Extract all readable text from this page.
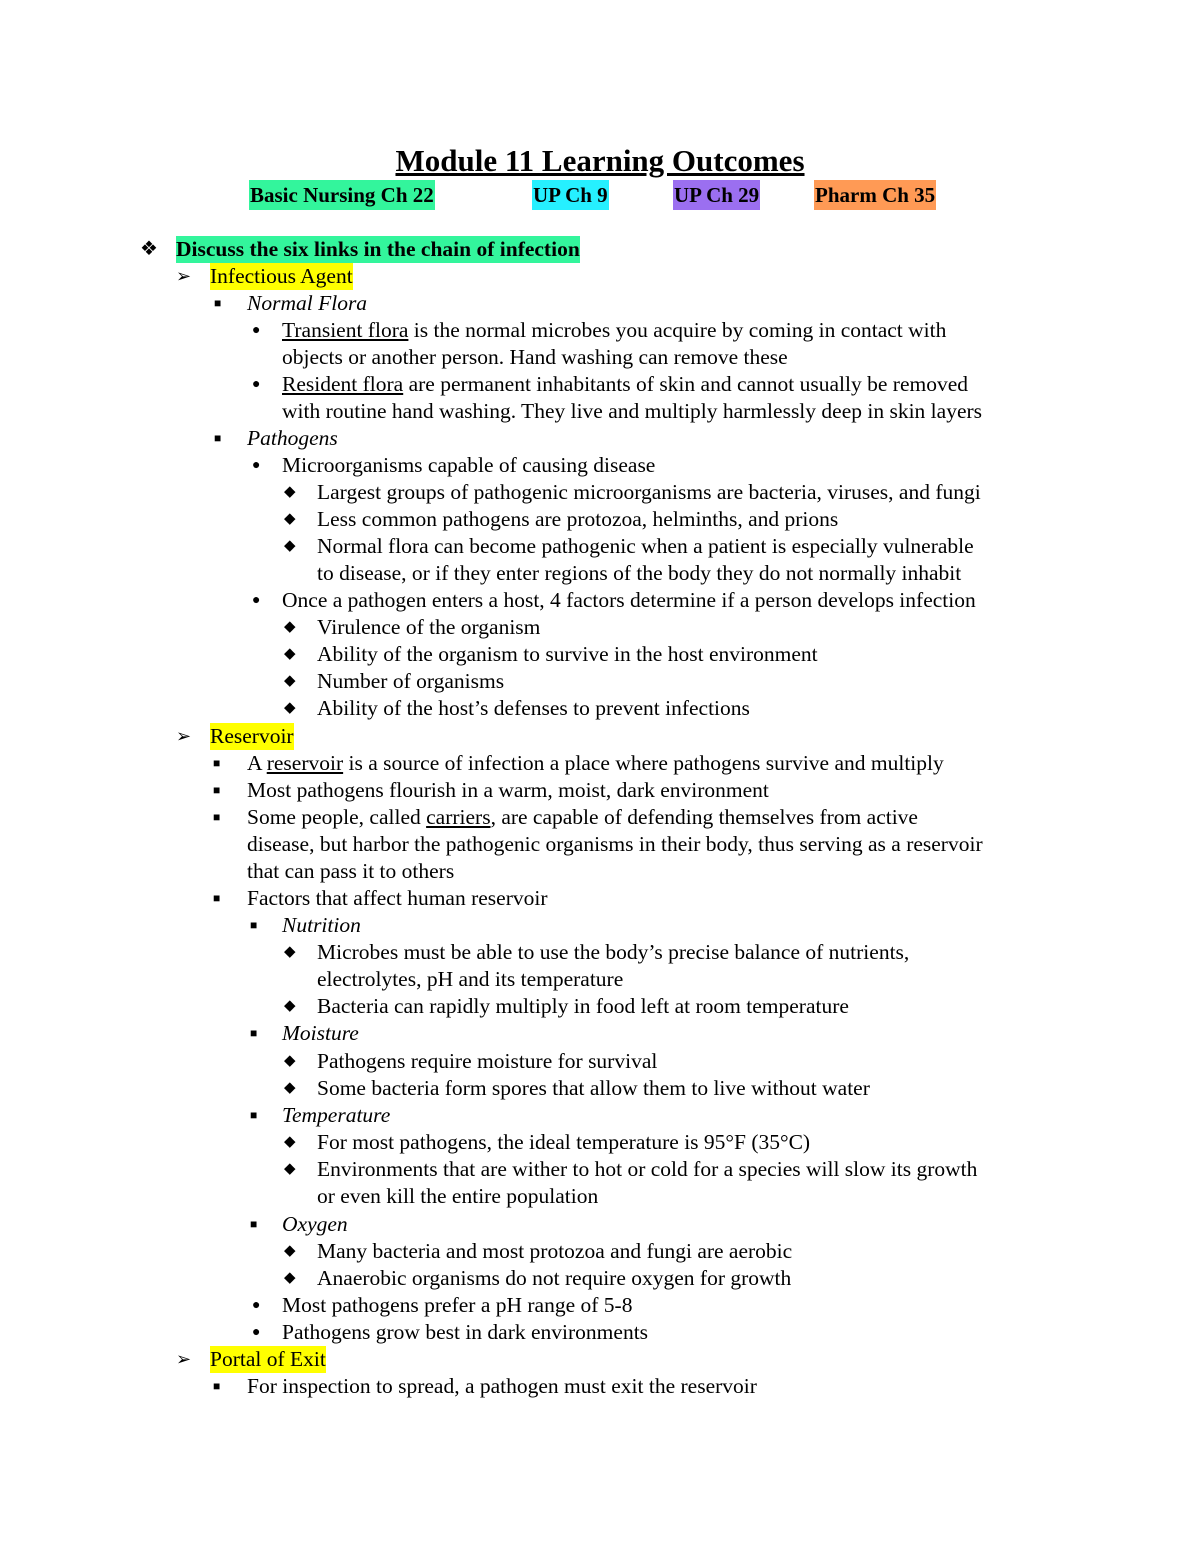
Module 11 Learning Outcomes
Basic Nursing Ch 22	UP Ch 9	UP Ch 29	Pharm Ch 35
❖ Discuss the six links in the chain of infection
➢ Infectious Agent
■ Normal Flora
● Transient flora is the normal microbes you acquire by coming in contact with
objects or another person. Hand washing can remove these
● Resident flora are permanent inhabitants of skin and cannot usually be removed
with routine hand washing. They live and multiply harmlessly deep in skin layers
■ Pathogens
● Microorganisms capable of causing disease
◆ Largest groups of pathogenic microorganisms are bacteria, viruses, and fungi
◆ Less common pathogens are protozoa, helminths, and prions
◆ Normal flora can become pathogenic when a patient is especially vulnerable
to disease, or if they enter regions of the body they do not normally inhabit
● Once a pathogen enters a host, 4 factors determine if a person develops infection
◆ Virulence of the organism
◆ Ability of the organism to survive in the host environment
◆ Number of organisms
◆ Ability of the host’s defenses to prevent infections
➢ Reservoir
■ A reservoir is a source of infection a place where pathogens survive and multiply
■ Most pathogens flourish in a warm, moist, dark environment
■ Some people, called carriers, are capable of defending themselves from active
disease, but harbor the pathogenic organisms in their body, thus serving as a reservoir
that can pass it to others
■ Factors that affect human reservoir
■ Nutrition
◆ Microbes must be able to use the body’s precise balance of nutrients,
electrolytes, pH and its temperature
◆ Bacteria can rapidly multiply in food left at room temperature
■ Moisture
◆ Pathogens require moisture for survival
◆ Some bacteria form spores that allow them to live without water
■ Temperature
◆ For most pathogens, the ideal temperature is 95°F (35°C)
◆ Environments that are wither to hot or cold for a species will slow its growth
or even kill the entire population
■ Oxygen
◆ Many bacteria and most protozoa and fungi are aerobic
◆ Anaerobic organisms do not require oxygen for growth
● Most pathogens prefer a pH range of 5-8
● Pathogens grow best in dark environments
➢ Portal of Exit
■ For inspection to spread, a pathogen must exit the reservoir
